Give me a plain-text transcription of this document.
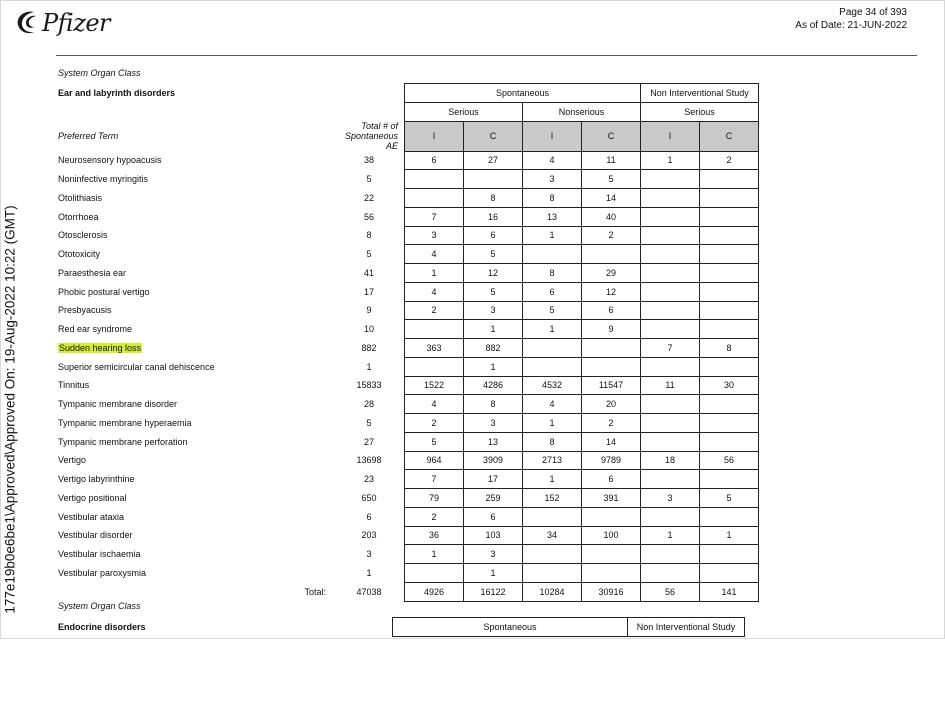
Pfizer	Page 34 of 393
As of Date: 21-JUN-2022
177e19b0e6be1\Approved\Approved On: 19-Aug-2022 10:22 (GMT)
System Organ Class
Ear and labyrinth disorders			Spontaneous				Non Interventional Study	
			Serious		Nonserious		Serious	
Preferred Term	Total # of Spontaneous AE		I	C	I	C	I	C
Neurosensory hypoacusis	38		6	27	4	11	1	2
Noninfective myringitis	5				3	5		
Otolithiasis	22			8	8	14		
Otorrhoea	56		7	16	13	40		
Otosclerosis	8		3	6	1	2		
Ototoxicity	5		4	5				
Paraesthesia ear	41		1	12	8	29		
Phobic postural vertigo	17		4	5	6	12		
Presbyacusis	9		2	3	5	6		
Red ear syndrome	10			1	1	9		
Sudden hearing loss	882		363	882			7	8
Superior semicircular canal dehiscence	1			1				
Tinnitus	15833		1522	4286	4532	11547	11	30
Tympanic membrane disorder	28		4	8	4	20		
Tympanic membrane hyperaemia	5		2	3	1	2		
Tympanic membrane perforation	27		5	13	8	14		
Vertigo	13698		964	3909	2713	9789	18	56
Vertigo labyrinthine	23		7	17	1	6		
Vertigo positional	650		79	259	152	391	3	5
Vestibular ataxia	6		2	6				
Vestibular disorder	203		36	103	34	100	1	1
Vestibular ischaemia	3		1	3				
Vestibular paroxysmia	1			1				
Total:	47038		4926	16122	10284	30916	56	141
System Organ Class
Endocrine disorders			Spontaneous	Non Interventional Study
